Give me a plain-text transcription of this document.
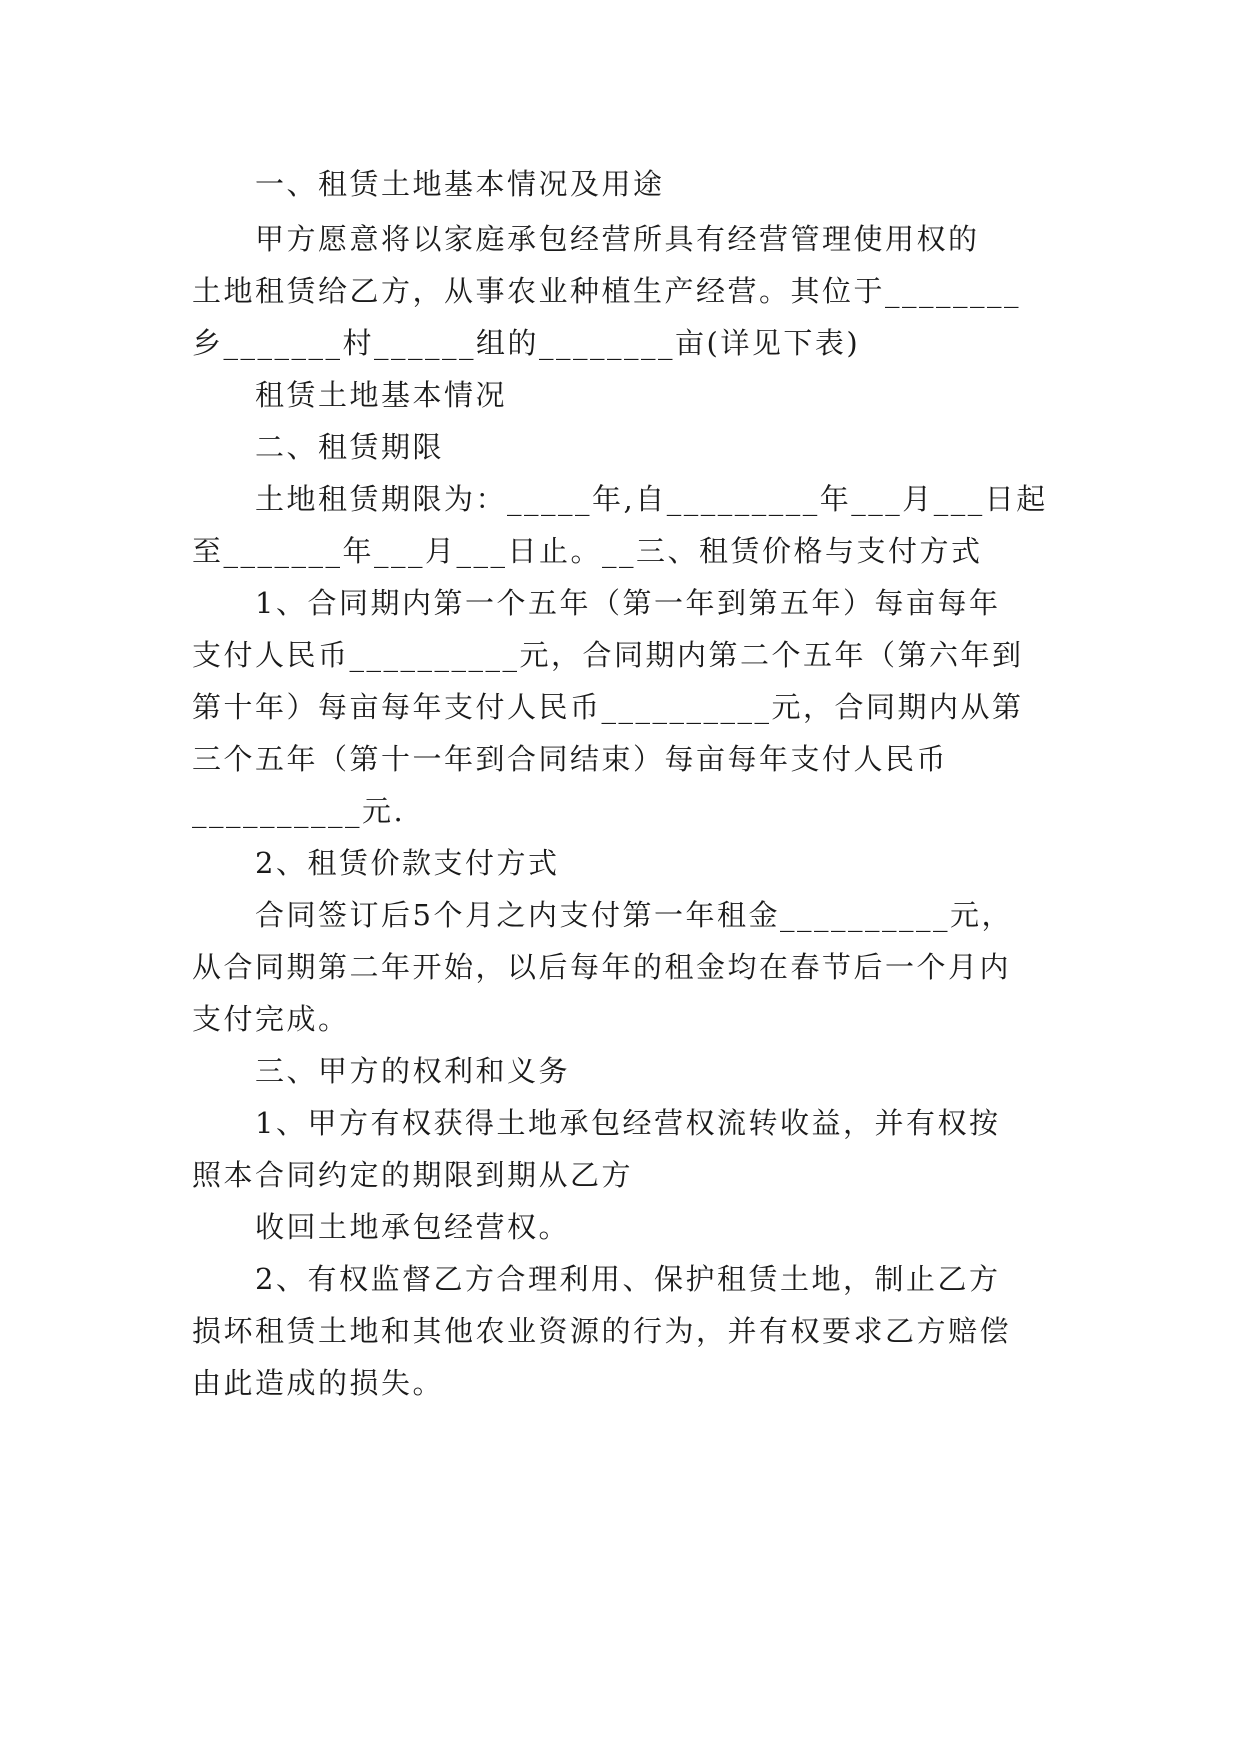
一、租赁土地基本情况及用途
甲方愿意将以家庭承包经营所具有经营管理使用权的
土地租赁给乙方，从事农业种植生产经营。其位于________
乡_______村______组的________亩(详见下表)
租赁土地基本情况
二、租赁期限
土地租赁期限为：_____年,自_________年___月___日起
至_______年___月___日止。__三、租赁价格与支付方式
1、合同期内第一个五年（第一年到第五年）每亩每年
支付人民币__________元，合同期内第二个五年（第六年到
第十年）每亩每年支付人民币__________元，合同期内从第
三个五年（第十一年到合同结束）每亩每年支付人民币
__________元.
2、租赁价款支付方式
合同签订后5个月之内支付第一年租金__________元，
从合同期第二年开始，以后每年的租金均在春节后一个月内
支付完成。
三、甲方的权利和义务
1、甲方有权获得土地承包经营权流转收益，并有权按
照本合同约定的期限到期从乙方
收回土地承包经营权。
2、有权监督乙方合理利用、保护租赁土地，制止乙方
损坏租赁土地和其他农业资源的行为，并有权要求乙方赔偿
由此造成的损失。
